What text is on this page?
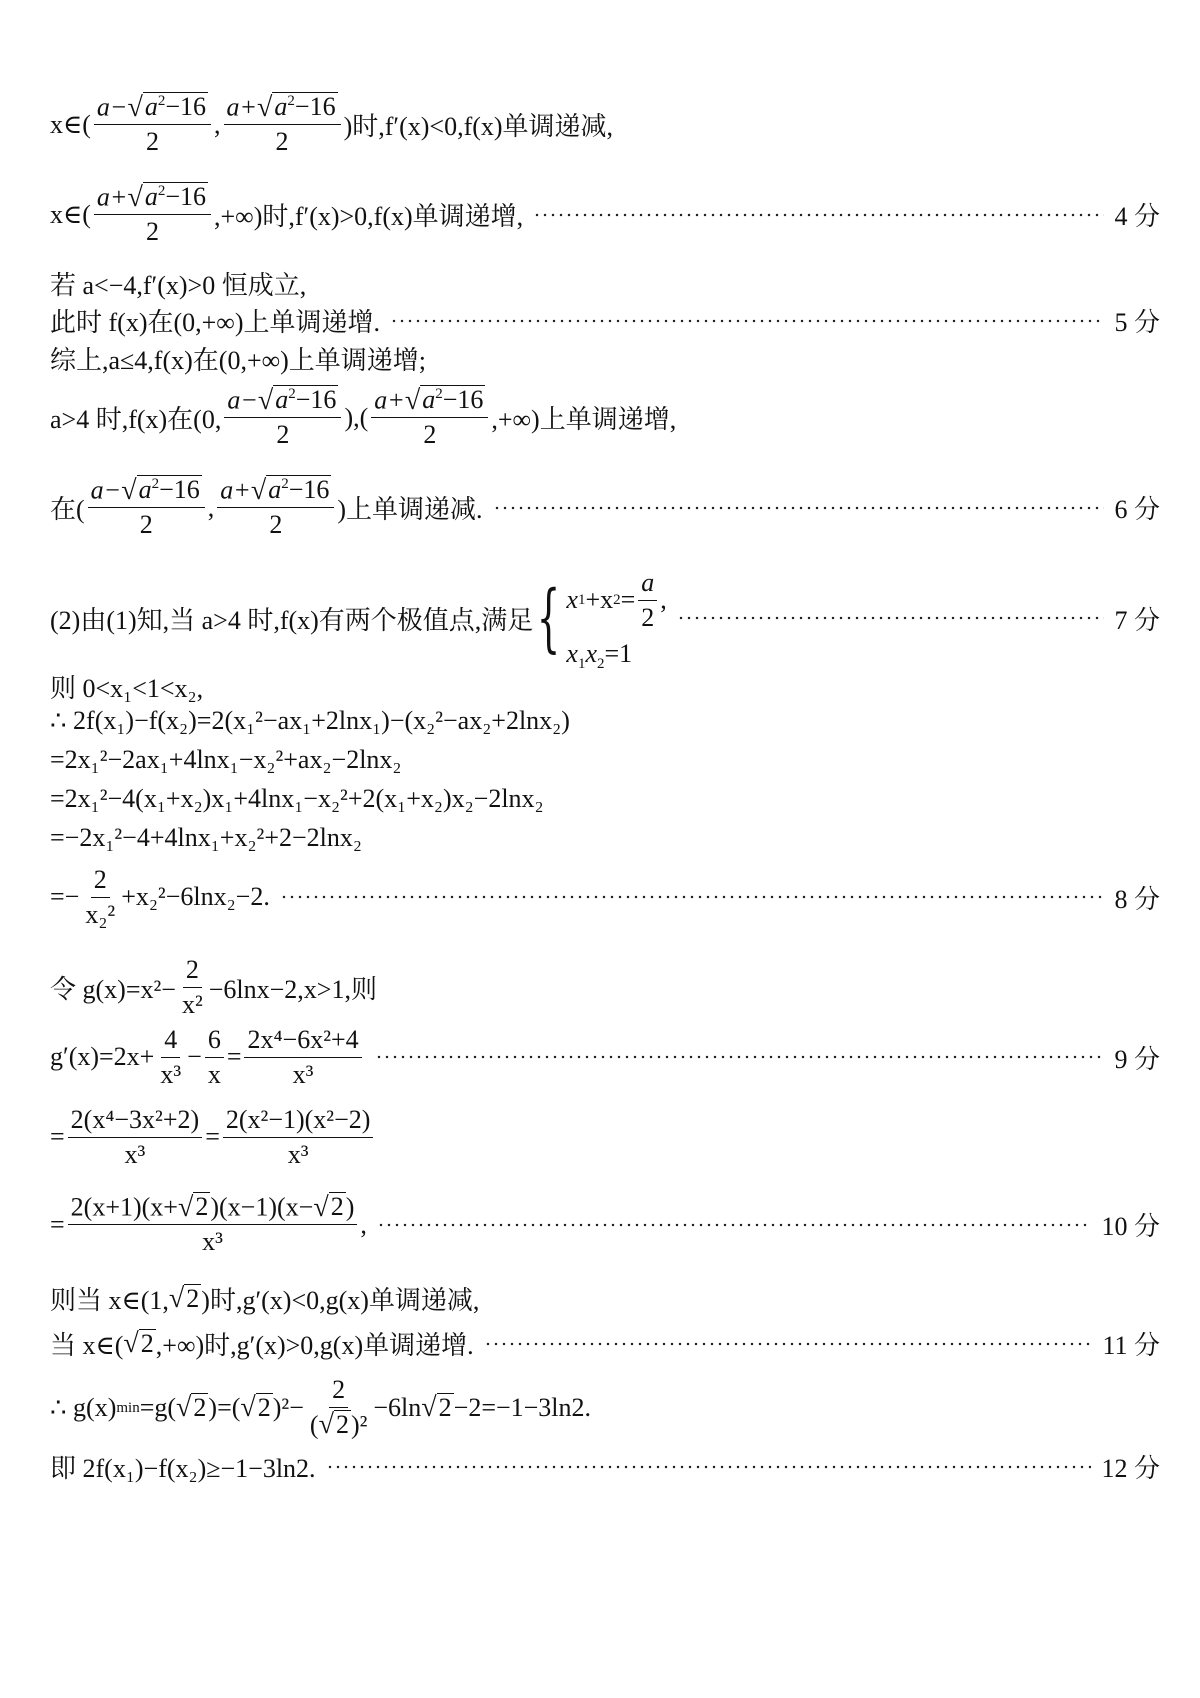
x∈( $\frac{a- √ a^2-16}{2}$ , $\frac{a+ √ a^2-16}{2}$ )时,f′(x)<0,f(x)单调递减,
x∈( $\frac{a+ √ a^2-16}{2}$ ,+∞)时,f′(x)>0,f(x)单调递增,	4 分
若 a<−4,f′(x)>0 恒成立,
此时 f(x)在(0,+∞)上单调递增.	5 分
综上,a≤4,f(x)在(0,+∞)上单调递增;
a>4 时,f(x)在(0, $\frac{a- √ a^2-16}{2}$ ),( $\frac{a+ √ a^2-16}{2}$ ,+∞)上单调递增,
在( $\frac{a- √ a^2-16}{2}$ , $\frac{a+ √ a^2-16}{2}$ )上单调递减.	6 分
(2)由(1)知,当 a>4 时,f(x)有两个极值点,满足 { x 1 +x $2 = \frac{a}{2}$ ,
$x_1x_2=1$
7 分
则 0<x₁<1<x₂,
∴ 2f(x₁)−f(x₂)=2(x₁²−ax₁+2lnx₁)−(x₂²−ax₂+2lnx₂)
=2x₁²−2ax₁+4lnx₁−x₂²+ax₂−2lnx₂
=2x₁²−4(x₁+x₂)x₁+4lnx₁−x₂²+2(x₁+x₂)x₂−2lnx₂
=−2x₁²−4+4lnx₁+x₂²+2−2lnx₂
=− $\frac{2}{\text{x₂²}} +x_2^2-6\ln x_2-2$.	8 分
令 $g(x)=x^2- \frac{2}{\text{x²}} -6\ln x-2,x>1$,则
$g'(x)=2x+ \frac{4}{\text{x³}} - \frac{6}{x} = \frac{\text{2x⁴−6x²+4}}{\text{x³}}$	9 分
= $\frac{\text{2(x⁴−3x²+2)}}{\text{x³}} = \frac{\text{2(x²−1)(x²−2)}}{\text{x³}}$
= $\frac{2(x+1)(x+ √ 2 )(x-1)(x- √ 2 )}{\text{x³}}$ ,	10 分
则当 x∈(1, √ 2 )时,g′(x)<0,g(x)单调递减,
当 x∈( √ 2 ,+∞)时,g′(x)>0,g(x)单调递增.	11 分
∴ g(x) min =g( √ 2 )=( √ 2 )$^2- \frac{2}{\text{( √ 2 )²}} -6\ln$ √ 2 −2=−1−3ln2.
即 2f(x₁)−f(x₂)≥−1−3ln2.	12 分
